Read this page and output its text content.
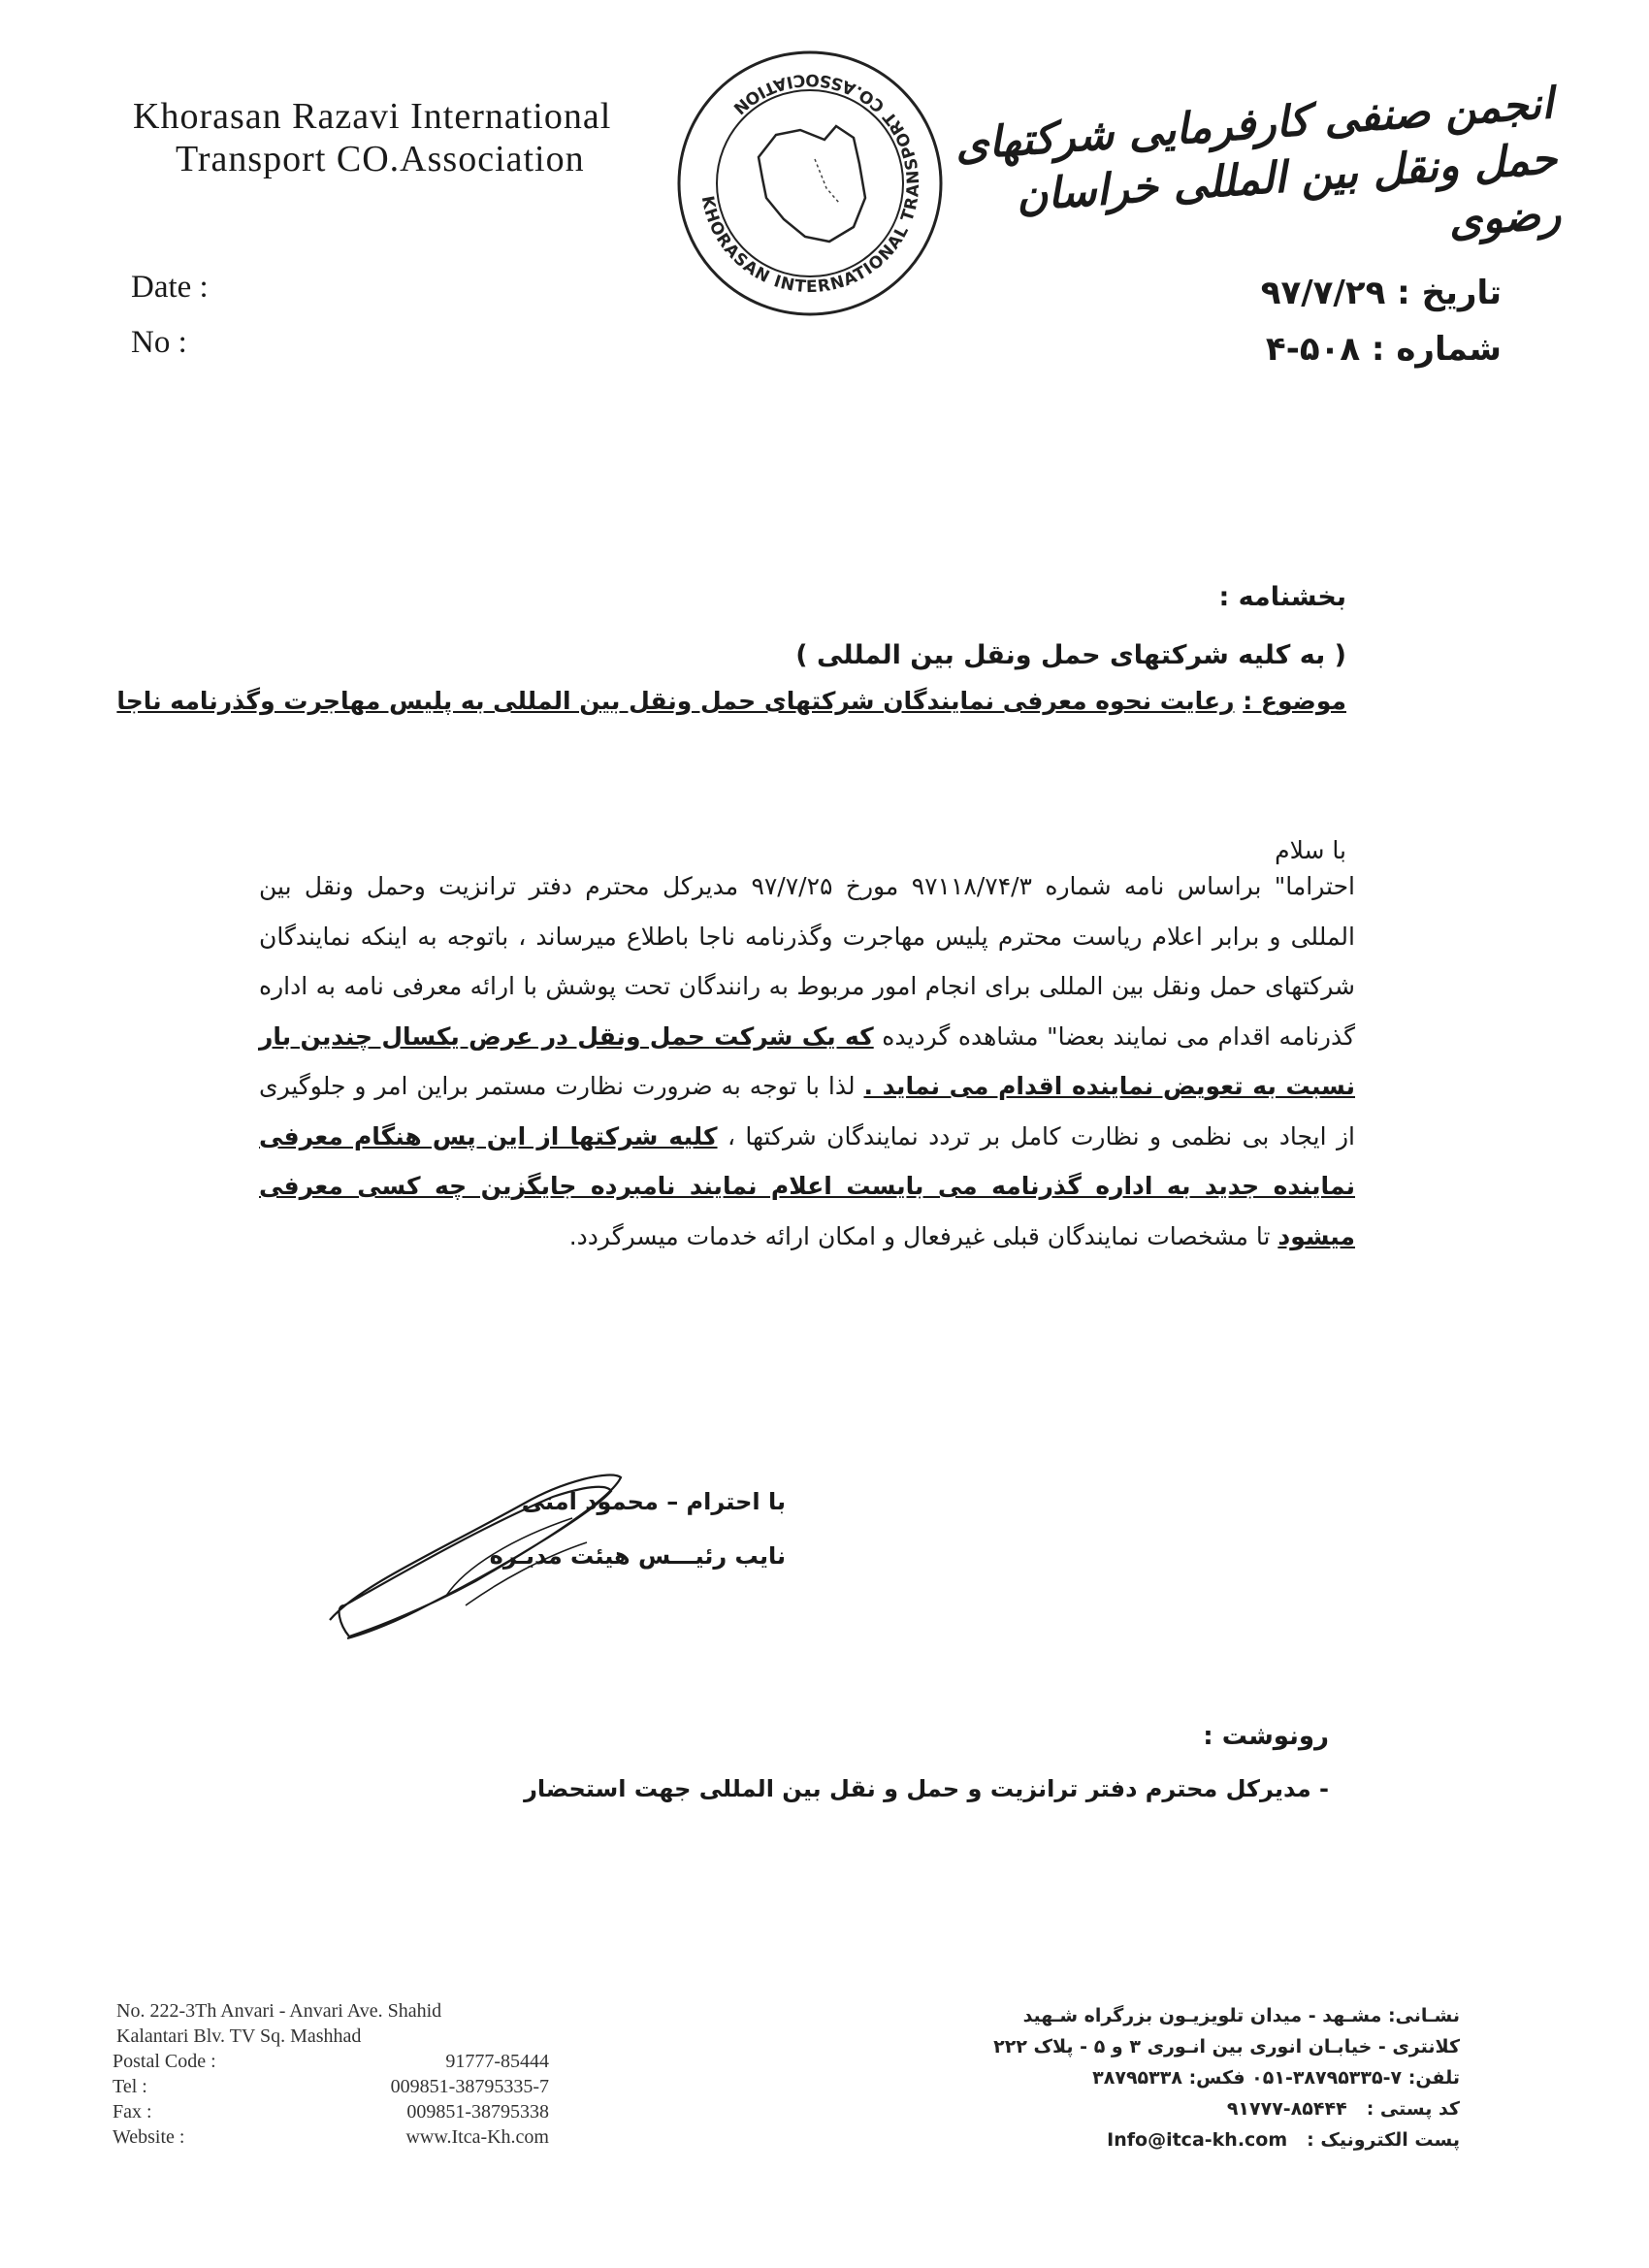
Khorasan Razavi International
Transport CO.Association
KHORASAN INTERNATIONAL TRANSPORT CO.ASSOCIATION	انجمن صنفی کارفرمایی شرکتهای حمل ونقل بین المللی خراسان رضوی
Date :
No :
تاریخ : ۹۷/۷/۲۹
شماره : ۵۰۸-۴
بخشنامه :
( به کلیه شرکتهای حمل ونقل بین المللی )
موضوع : رعایت نحوه معرفی نمایندگان شرکتهای حمل ونقل بین المللی به پلیس مهاجرت وگذرنامه ناجا
با سلام
احتراما" براساس نامه شماره ۹۷۱۱۸/۷۴/۳ مورخ ۹۷/۷/۲۵ مدیرکل محترم دفتر ترانزیت وحمل ونقل بین المللی و برابر اعلام ریاست محترم پلیس مهاجرت وگذرنامه ناجا باطلاع میرساند ، باتوجه به اینکه نمایندگان شرکتهای حمل ونقل بین المللی برای انجام امور مربوط به رانندگان تحت پوشش با ارائه معرفی نامه به اداره گذرنامه اقدام می نمایند بعضا" مشاهده گردیده که یک شرکت حمل ونقل در عرض یکسال چندین بار نسبت به تعویض نماینده اقدام می نماید . لذا با توجه به ضرورت نظارت مستمر براین امر و جلوگیری از ایجاد بی نظمی و نظارت کامل بر تردد نمایندگان شرکتها ، کلیه شرکتها از این پس هنگام معرفی نماینده جدید به اداره گذرنامه می بایست اعلام نمایند نامبرده جایگزین چه کسی معرفی میشود تا مشخصات نمایندگان قبلی غیرفعال و امکان ارائه خدمات میسرگردد.
با احترام – محمود امنی
نایب رئیـــس هیئت مدیـره
رونوشت :
- مدیرکل محترم دفتر ترانزیت و حمل و نقل بین المللی جهت استحضار
No. 222-3Th Anvari - Anvari Ave. Shahid
Kalantari Blv. TV Sq. Mashhad
Postal Code :	91777-85444
Tel :	009851-38795335-7
Fax :	009851-38795338
Website :	www.Itca-Kh.com
نشـانی: مشـهد - میدان تلویزیـون بزرگراه شـهید
کلانتری - خیابـان انوری بین انـوری ۳ و ۵ - پلاک ۲۲۲
تلفن: ۷-۳۸۷۹۵۳۳۵-۰۵۱ فکس: ۳۸۷۹۵۳۳۸
کد پستی :
۹۱۷۷۷-۸۵۴۴۴
پست الکترونیک :
Info@itca-kh.com
